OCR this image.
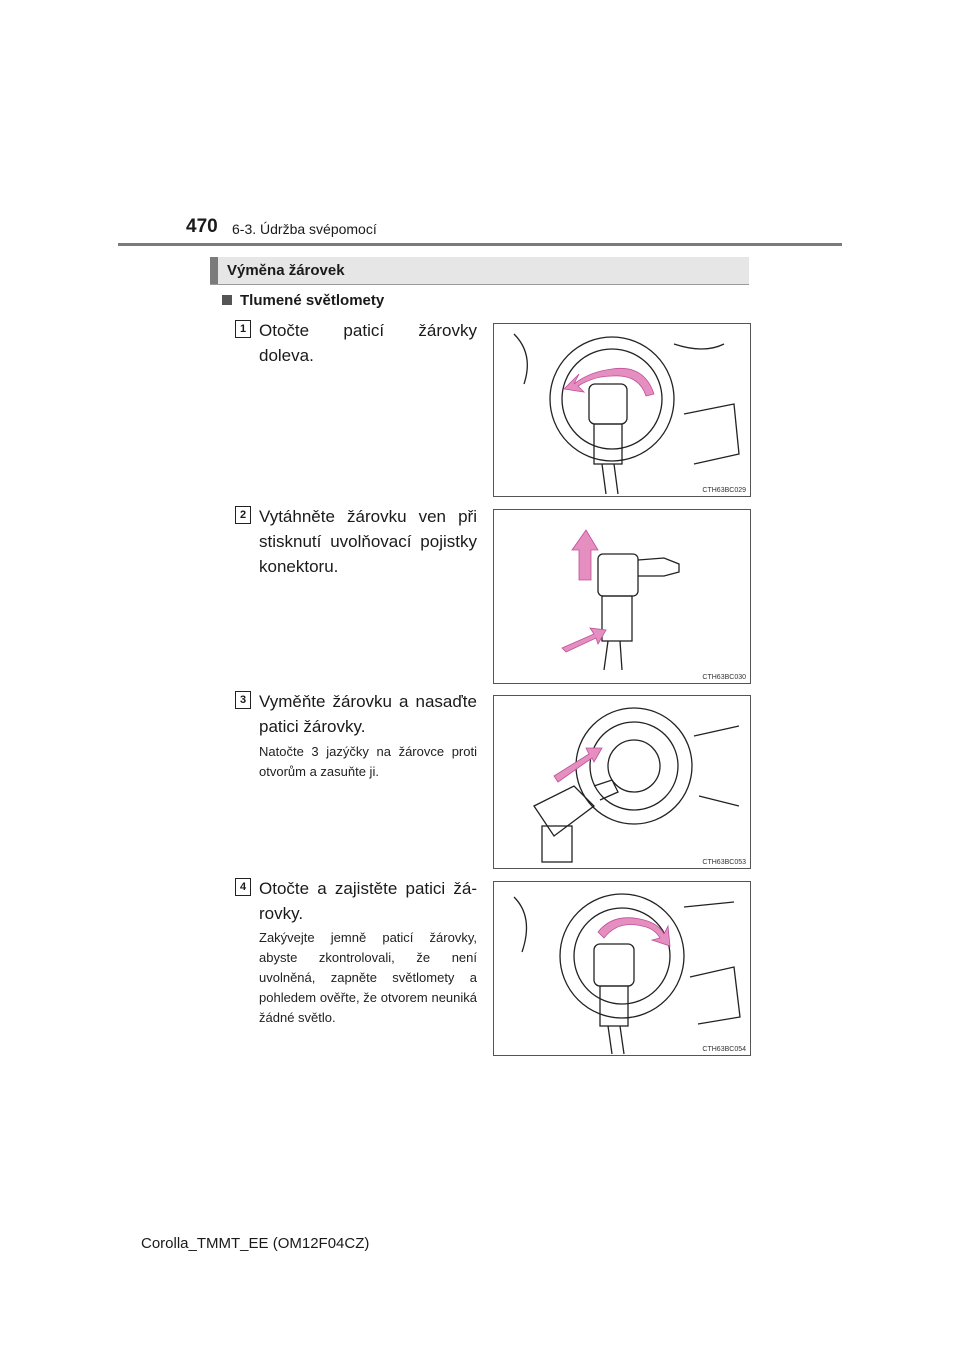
470 6-3. Údržba svépomocí
Výměna žárovek
Tlumené světlomety
1 Otočte paticí žárovky doleva.
CTH63BC029
2 Vytáhněte žárovku ven při stisknutí uvolňovací pojistky konektoru.
CTH63BC030
3 Vyměňte žárovku a nasaďte patici žárovky.
Natočte 3 jazýčky na žárovce proti otvorům a zasuňte ji.
CTH63BC053
4 Otočte a zajistěte patici žá-rovky.
Zakývejte jemně paticí žárovky, abyste zkontrolovali, že není uvolněná, zapněte světlomety a pohledem ověřte, že otvorem neuniká žádné světlo.
CTH63BC054
Corolla_TMMT_EE (OM12F04CZ)
